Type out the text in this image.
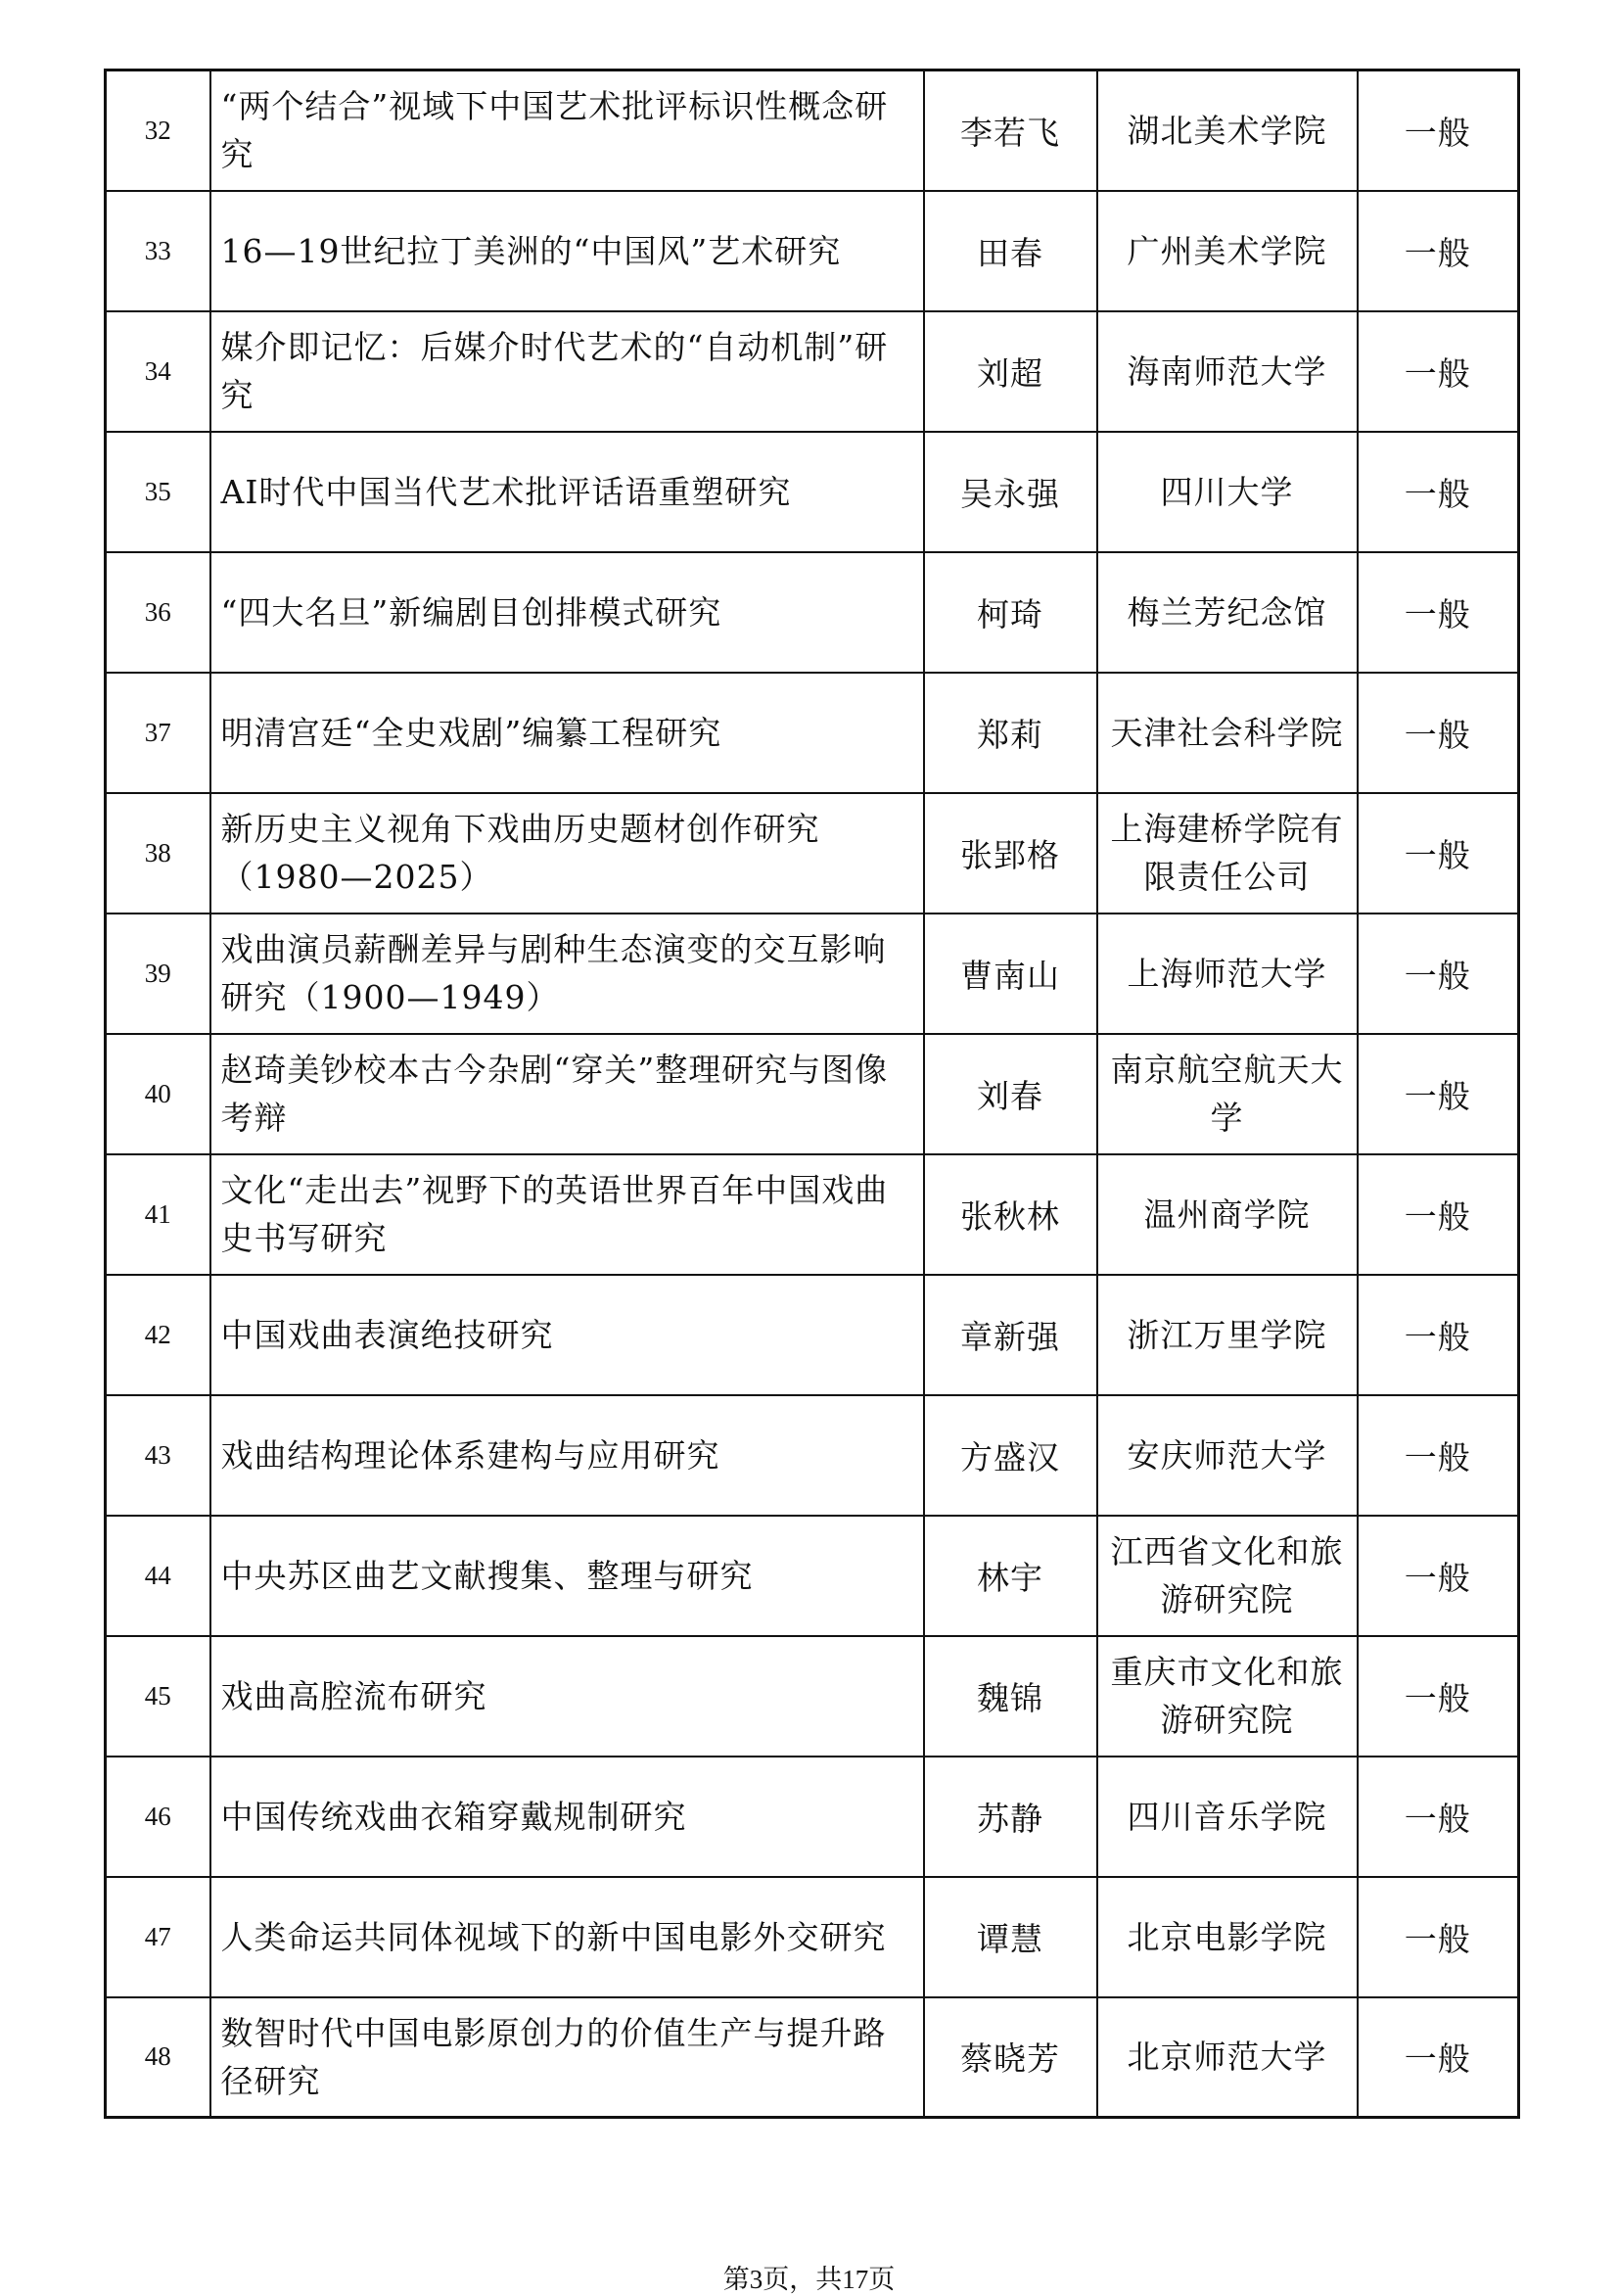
32	“两个结合”视域下中国艺术批评标识性概念研究	李若飞	湖北美术学院	一般
33	16—19世纪拉丁美洲的“中国风”艺术研究	田春	广州美术学院	一般
34	媒介即记忆：后媒介时代艺术的“自动机制”研究	刘超	海南师范大学	一般
35	AI时代中国当代艺术批评话语重塑研究	吴永强	四川大学	一般
36	“四大名旦”新编剧目创排模式研究	柯琦	梅兰芳纪念馆	一般
37	明清宫廷“全史戏剧”编纂工程研究	郑莉	天津社会科学院	一般
38	新历史主义视角下戏曲历史题材创作研究（1980—2025）	张郢格	上海建桥学院有限责任公司	一般
39	戏曲演员薪酬差异与剧种生态演变的交互影响研究（1900—1949）	曹南山	上海师范大学	一般
40	赵琦美钞校本古今杂剧“穿关”整理研究与图像考辩	刘春	南京航空航天大学	一般
41	文化“走出去”视野下的英语世界百年中国戏曲史书写研究	张秋林	温州商学院	一般
42	中国戏曲表演绝技研究	章新强	浙江万里学院	一般
43	戏曲结构理论体系建构与应用研究	方盛汉	安庆师范大学	一般
44	中央苏区曲艺文献搜集、整理与研究	林宇	江西省文化和旅游研究院	一般
45	戏曲高腔流布研究	魏锦	重庆市文化和旅游研究院	一般
46	中国传统戏曲衣箱穿戴规制研究	苏静	四川音乐学院	一般
47	人类命运共同体视域下的新中国电影外交研究	谭慧	北京电影学院	一般
48	数智时代中国电影原创力的价值生产与提升路径研究	蔡晓芳	北京师范大学	一般
第3页，共17页
